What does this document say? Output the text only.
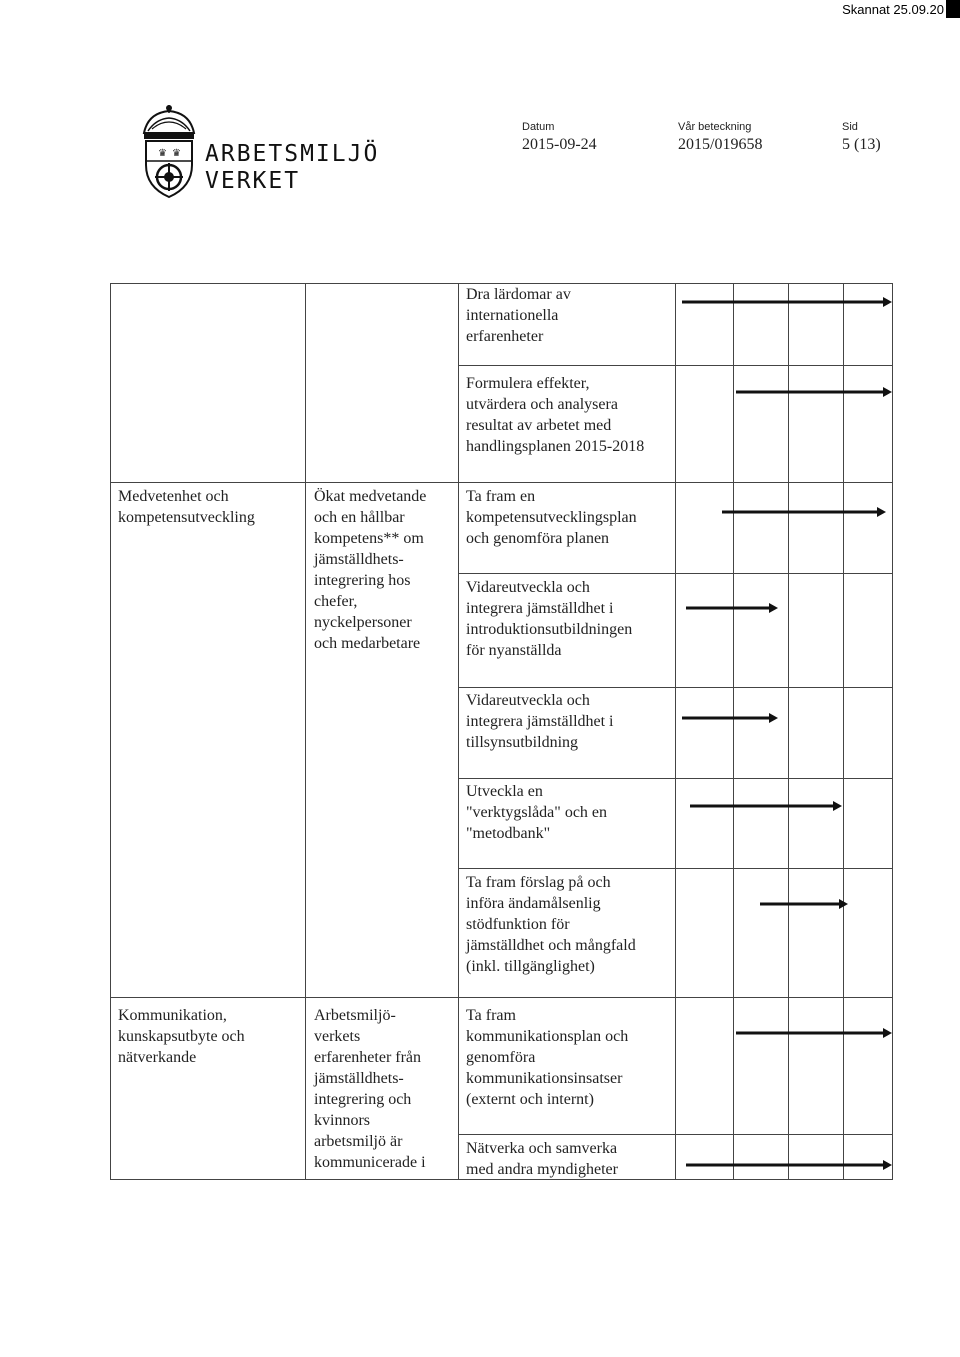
Skannat 25.09.20
♛ ♛ ARBETSMILJÖ
VERKET
Datum
2015-09-24
Vår beteckning
2015/019658
Sid
5 (13)
Dra lärdomar av
internationella
erfarenheter
Formulera effekter,
utvärdera och analysera
resultat av arbetet med
handlingsplanen 2015-2018
Medvetenhet och
kompetensutveckling
Ökat medvetande
och en hållbar
kompetens** om
jämställdhets-
integrering hos
chefer,
nyckelpersoner
och medarbetare
Ta fram en
kompetensutvecklingsplan
och genomföra planen
Vidareutveckla och
integrera jämställdhet i
introduktionsutbildningen
för nyanställda
Vidareutveckla och
integrera jämställdhet i
tillsynsutbildning
Utveckla en
"verktygslåda" och en
"metodbank"
Ta fram förslag på och
införa ändamålsenlig
stödfunktion för
jämställdhet och mångfald
(inkl. tillgänglighet)
Kommunikation,
kunskapsutbyte och
nätverkande
Arbetsmiljö-
verkets
erfarenheter från
jämställdhets-
integrering och
kvinnors
arbetsmiljö är
kommunicerade i
Ta fram
kommunikationsplan och
genomföra
kommunikationsinsatser
(externt och internt)
Nätverka och samverka
med andra myndigheter
